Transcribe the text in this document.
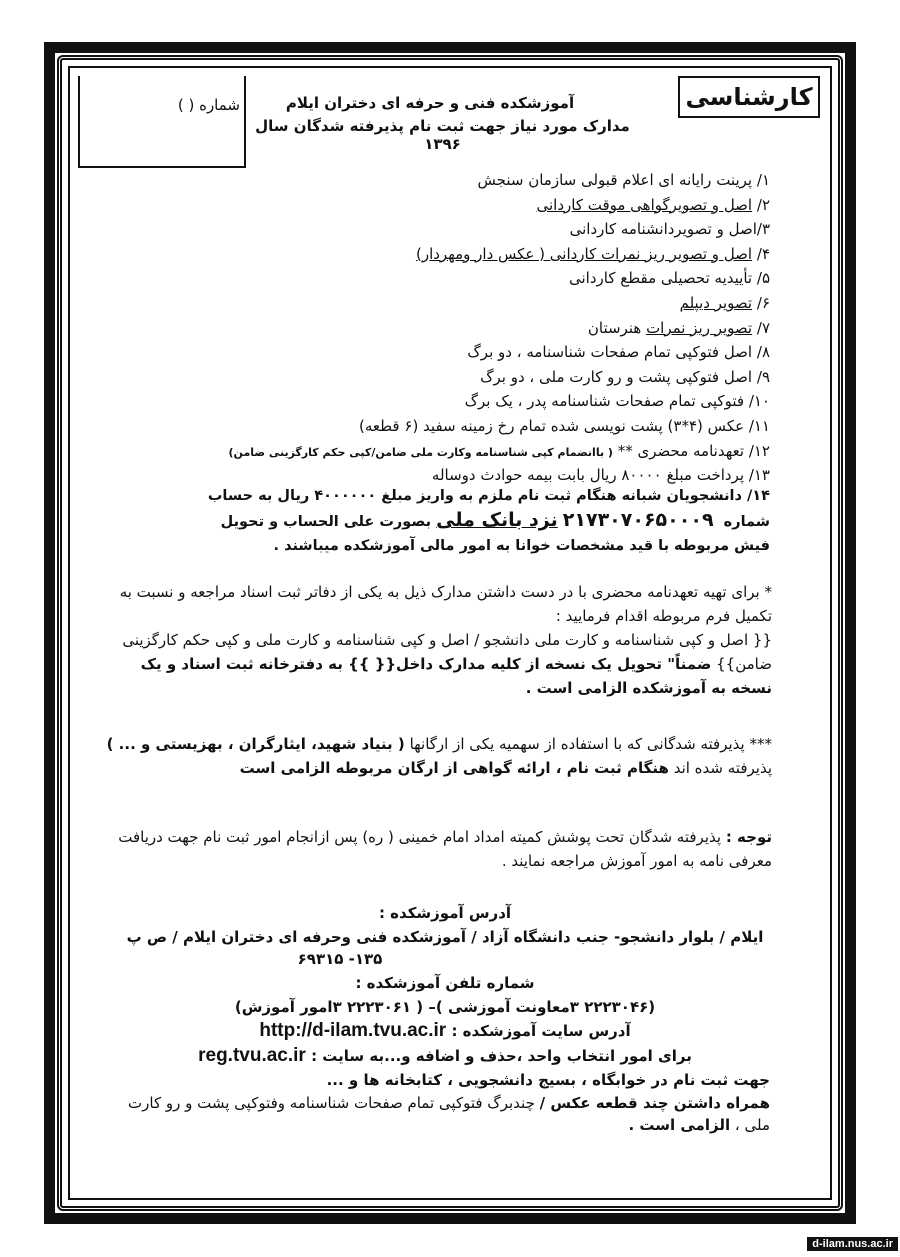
کارشناسی
شماره ( )	آموزشکده فنی و حرفه ای دختران ایلام
مدارک مورد نیاز جهت ثبت نام پذیرفته شدگان سال ۱۳۹۶
۱/ پرینت رایانه ای اعلام قبولی سازمان سنجش
۲/ اصل و تصویرگواهی موقت کاردانی
۳/اصل و تصویردانشنامه کاردانی
۴/ اصل و تصویر ریز نمرات کاردانی ( عکس دار ومهردار)
۵/ تأییدیه تحصیلی مقطع کاردانی
۶/ تصویر دیپلم
۷/ تصویر ریز نمرات هنرستان
۸/ اصل فتوکپی تمام صفحات شناسنامه ، دو برگ
۹/ اصل فتوکپی پشت و رو کارت ملی ، دو برگ
۱۰/ فتوکپی تمام صفحات شناسنامه پدر ، یک برگ
۱۱/ عکس (۴*۳) پشت نویسی شده تمام رخ زمینه سفید (۶ قطعه)
۱۲/ تعهدنامه محضری ** ( باانضمام کپی شناسنامه وکارت ملی ضامن/کپی حکم کارگزینی ضامن)
۱۳/ پرداخت مبلغ ۸۰۰۰۰ ریال بابت بیمه حوادث دوساله
۱۴/ دانشجویان شبانه هنگام ثبت نام ملزم به واریز مبلغ ۴۰۰۰۰۰۰ ریال به حساب
شماره  ۲۱۷۳۰۷۰۶۵۰۰۰۹ نزد بانک ملی بصورت علی الحساب و تحویل
فیش مربوطه با قید مشخصات خوانا به امور مالی آموزشکده میباشند .
* برای تهیه تعهدنامه محضری با در دست داشتن مدارک ذیل به یکی از دفاتر ثبت اسناد مراجعه و نسبت به تکمیل فرم مربوطه اقدام فرمایید :
{{ اصل و کپی شناسنامه و کارت ملی دانشجو / اصل و کپی شناسنامه و کارت ملی و کپی حکم کارگزینی ضامن}} ضمناً" تحویل یک نسخه از کلیه مدارک داخل{{ }} به دفترخانه ثبت اسناد و یک نسخه به آموزشکده الزامی است .
*** پذیرفته شدگانی که با استفاده از سهمیه یکی از ارگانها ( بنیاد شهید، ایثارگران ، بهزیستی و ... ) پذیرفته شده اند هنگام ثبت نام ، ارائه گواهی از ارگان مربوطه الزامی است
توجه : پذیرفته شدگان تحت پوشش کمیته امداد امام خمینی ( ره) پس ازانجام امور ثبت نام جهت دریافت معرفی نامه به امور آموزش مراجعه نمایند .
آدرس آموزشکده :
ایلام / بلوار دانشجو- جنب دانشگاه آزاد / آموزشکده فنی وحرفه ای دختران ایلام / ص پ
۱۳۵- ۶۹۳۱۵
شماره تلفن آموزشکده :
(۲۲۲۳۰۴۶ ۳معاونت آموزشی )– ( ۲۲۲۳۰۶۱ ۳امور آموزش)
آدرس سایت آموزشکده : http://d-ilam.tvu.ac.ir
برای امور انتخاب واحد ،حذف و اضافه و...به سایت : reg.tvu.ac.ir
جهت ثبت نام در خوابگاه ، بسیج دانشجویی ، کتابخانه ها و ...
همراه داشتن چند قطعه عکس / چندبرگ فتوکپی تمام صفحات شناسنامه وفتوکپی پشت و رو کارت ملی ، الزامی است .
d-ilam.nus.ac.ir
